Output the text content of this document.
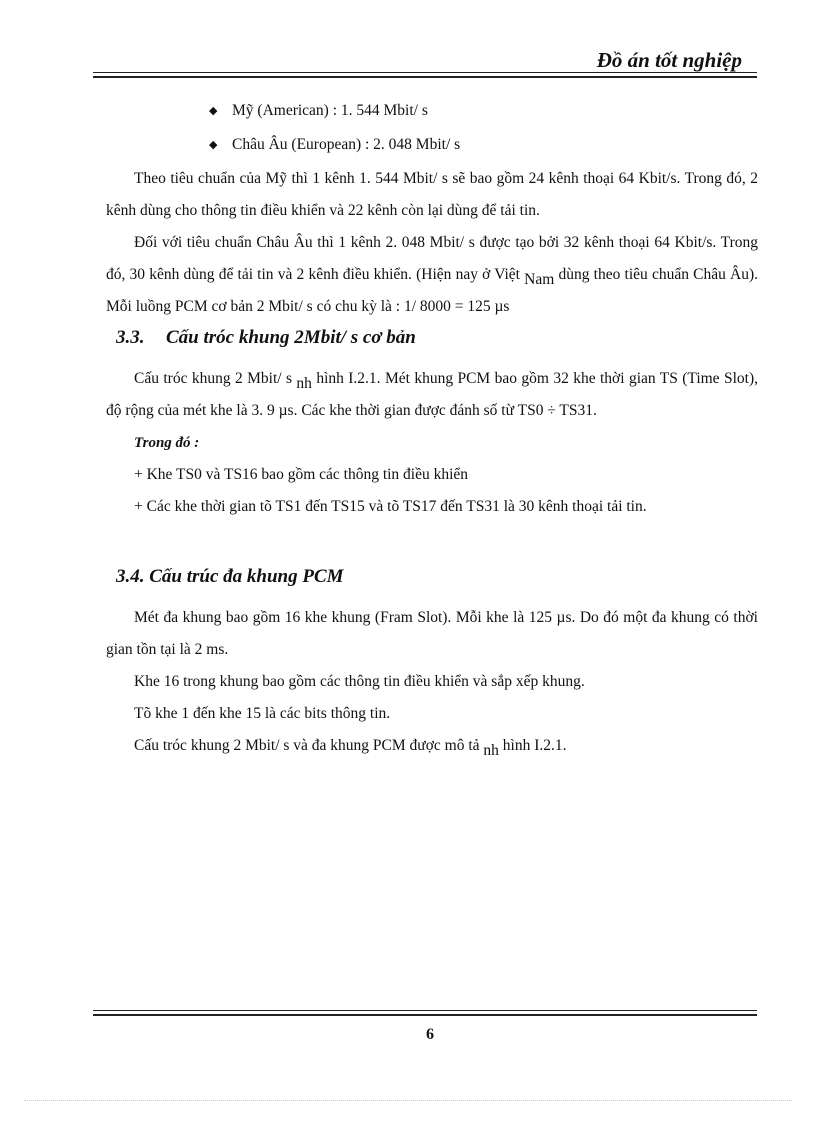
Đồ án tốt nghiệp
◆ Mỹ (American) : 1. 544 Mbit/ s
◆ Châu Âu (European) : 2. 048 Mbit/ s

Theo tiêu chuẩn của Mỹ thì 1 kênh 1. 544 Mbit/ s sẽ bao gồm 24 kênh thoại 64 Kbit/s. Trong đó, 2 kênh dùng cho thông tin điều khiển và 22 kênh còn lại dùng để tải tin.

Đối với tiêu chuẩn Châu Âu thì 1 kênh 2. 048 Mbit/ s được tạo bởi 32 kênh thoại 64 Kbit/s. Trong đó, 30 kênh dùng để tải tin và 2 kênh điều khiển. (Hiện nay ở Việt Nam dùng theo tiêu chuẩn Châu Âu). Mỗi luồng PCM cơ bản 2 Mbit/ s có chu kỳ là : 1/ 8000 = 125 µs

3.3. Cấu tróc khung 2Mbit/ s cơ bản

Cấu tróc khung 2 Mbit/ s nh hình I.2.1. Mét khung PCM bao gồm 32 khe thời gian TS (Time Slot), độ rộng của mét khe là 3. 9 µs. Các khe thời gian được đánh số từ TS0 ÷ TS31.

Trong đó :

+ Khe TS0 và TS16 bao gồm các thông tin điều khiển

+ Các khe thời gian tõ TS1 đến TS15 và tõ TS17 đến TS31 là 30 kênh thoại tải tin.

3.4. Cấu trúc đa khung PCM

Mét đa khung bao gồm 16 khe khung (Fram Slot). Mỗi khe là 125 µs. Do đó một đa khung có thời gian tồn tại là 2 ms.

Khe 16 trong khung bao gồm các thông tin điều khiển và sắp xếp khung.

Tõ khe 1 đến khe 15 là các bits thông tin.

Cấu tróc khung 2 Mbit/ s và đa khung PCM được mô tả nh hình I.2.1.

6
